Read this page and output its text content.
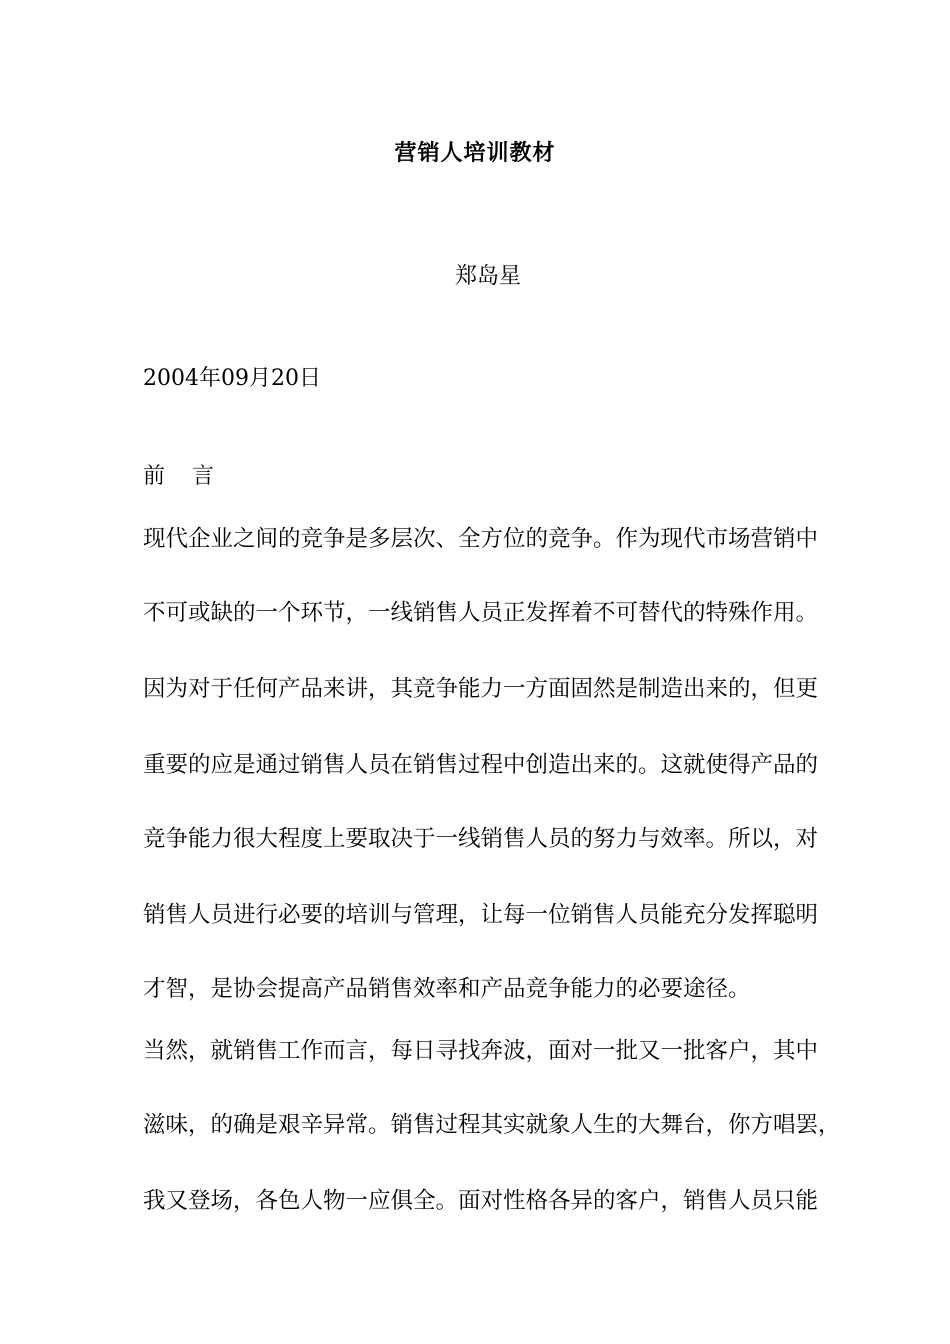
营销人培训教材
郑岛星
2004年09月20日
前 言
现代企业之间的竞争是多层次、全方位的竞争。作为现代市场营销中
不可或缺的一个环节，一线销售人员正发挥着不可替代的特殊作用。
因为对于任何产品来讲，其竞争能力一方面固然是制造出来的，但更
重要的应是通过销售人员在销售过程中创造出来的。这就使得产品的
竞争能力很大程度上要取决于一线销售人员的努力与效率。所以，对
销售人员进行必要的培训与管理，让每一位销售人员能充分发挥聪明
才智，是协会提高产品销售效率和产品竞争能力的必要途径。
当然，就销售工作而言，每日寻找奔波，面对一批又一批客户，其中
滋味，的确是艰辛异常。销售过程其实就象人生的大舞台，你方唱罢，
我又登场，各色人物一应俱全。面对性格各异的客户，销售人员只能
